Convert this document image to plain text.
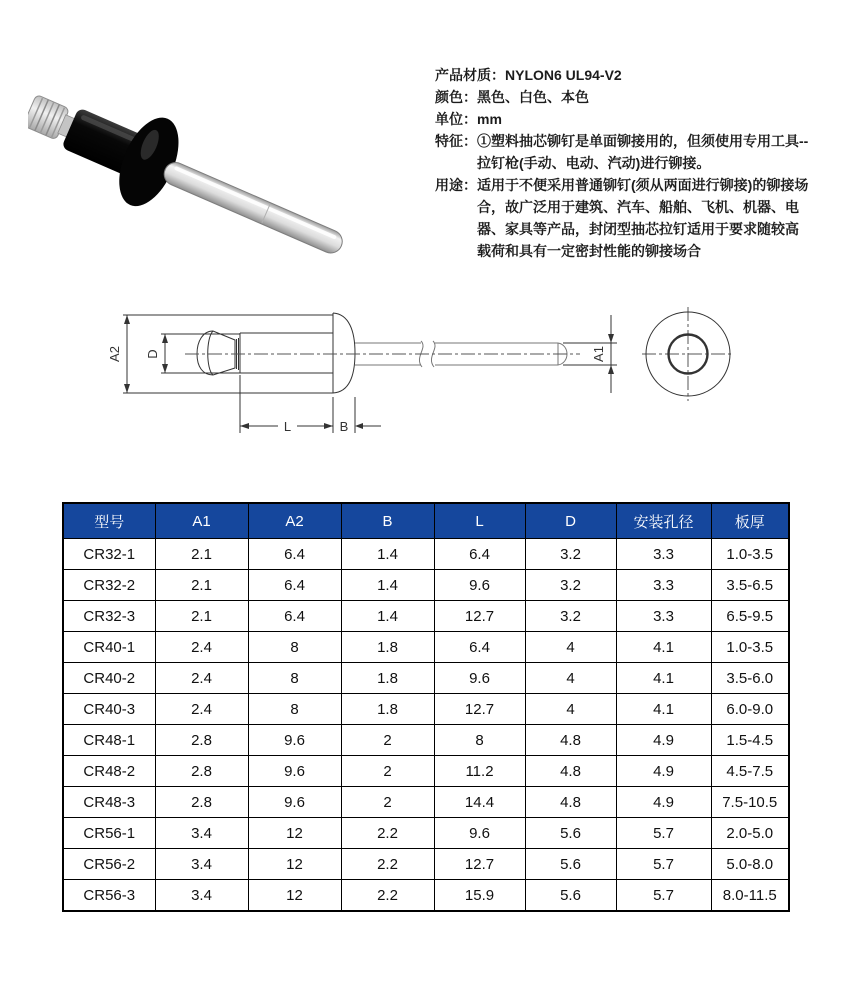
产品材质： NYLON6 UL94-V2
颜色： 黑色、白色、本色
单位： mm
特征： ①塑料抽芯铆钉是单面铆接用的，但须使用专用工具--拉钉枪(手动、电动、汽动)进行铆接。
用途： 适用于不便采用普通铆钉(须从两面进行铆接)的铆接场合，故广泛用于建筑、汽车、船舶、飞机、机器、电器、家具等产品，封闭型抽芯拉钉适用于要求随较高载荷和具有一定密封性能的铆接场合
A2 D	A1
L	B
型号	A1	A2	B	L	D	安装孔径	板厚
CR32-1	2.1	6.4	1.4	6.4	3.2	3.3	1.0-3.5
CR32-2	2.1	6.4	1.4	9.6	3.2	3.3	3.5-6.5
CR32-3	2.1	6.4	1.4	12.7	3.2	3.3	6.5-9.5
CR40-1	2.4	8	1.8	6.4	4	4.1	1.0-3.5
CR40-2	2.4	8	1.8	9.6	4	4.1	3.5-6.0
CR40-3	2.4	8	1.8	12.7	4	4.1	6.0-9.0
CR48-1	2.8	9.6	2	8	4.8	4.9	1.5-4.5
CR48-2	2.8	9.6	2	11.2	4.8	4.9	4.5-7.5
CR48-3	2.8	9.6	2	14.4	4.8	4.9	7.5-10.5
CR56-1	3.4	12	2.2	9.6	5.6	5.7	2.0-5.0
CR56-2	3.4	12	2.2	12.7	5.6	5.7	5.0-8.0
CR56-3	3.4	12	2.2	15.9	5.6	5.7	8.0-11.5
